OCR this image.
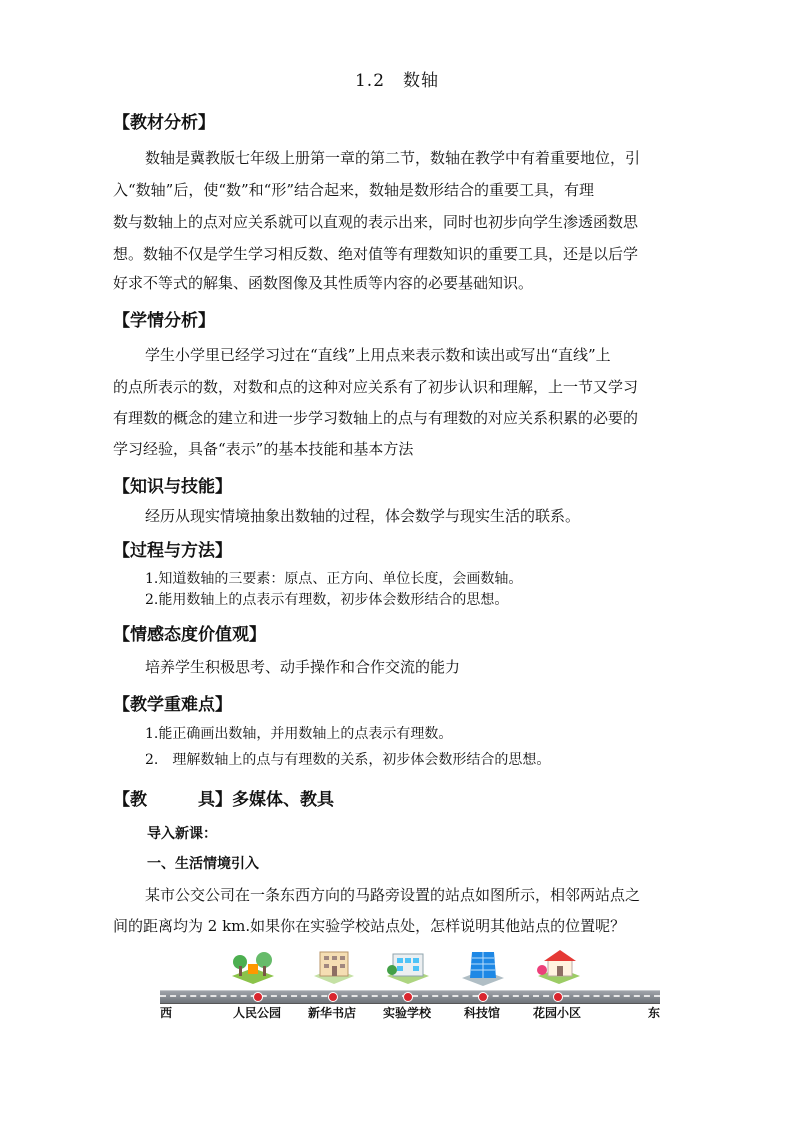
1.2　数轴
【教材分析】
数轴是冀教版七年级上册第一章的第二节，数轴在教学中有着重要地位，引
入“数轴”后，使“数”和“形”结合起来，数轴是数形结合的重要工具，有理
数与数轴上的点对应关系就可以直观的表示出来，同时也初步向学生渗透函数思
想。数轴不仅是学生学习相反数、绝对值等有理数知识的重要工具，还是以后学
好求不等式的解集、函数图像及其性质等内容的必要基础知识。
【学情分析】
学生小学里已经学习过在“直线”上用点来表示数和读出或写出“直线”上
的点所表示的数，对数和点的这种对应关系有了初步认识和理解，上一节又学习
有理数的概念的建立和进一步学习数轴上的点与有理数的对应关系积累的必要的
学习经验，具备“表示”的基本技能和基本方法
【知识与技能】
经历从现实情境抽象出数轴的过程，体会数学与现实生活的联系。
【过程与方法】
1.知道数轴的三要素：原点、正方向、单位长度，会画数轴。
2.能用数轴上的点表示有理数，初步体会数形结合的思想。
【情感态度价值观】
培养学生积极思考、动手操作和合作交流的能力
【教学重难点】
1.能正确画出数轴，并用数轴上的点表示有理数。
2.　理解数轴上的点与有理数的关系，初步体会数形结合的思想。
【教　　　具】多媒体、教具
导入新课：
一、生活情境引入
某市公交公司在一条东西方向的马路旁设置的站点如图所示，相邻两站点之
间的距离均为 2 km.如果你在实验学校站点处，怎样说明其他站点的位置呢？
西	人民公园 新华书店 实验学校	科技馆	花园小区	东
